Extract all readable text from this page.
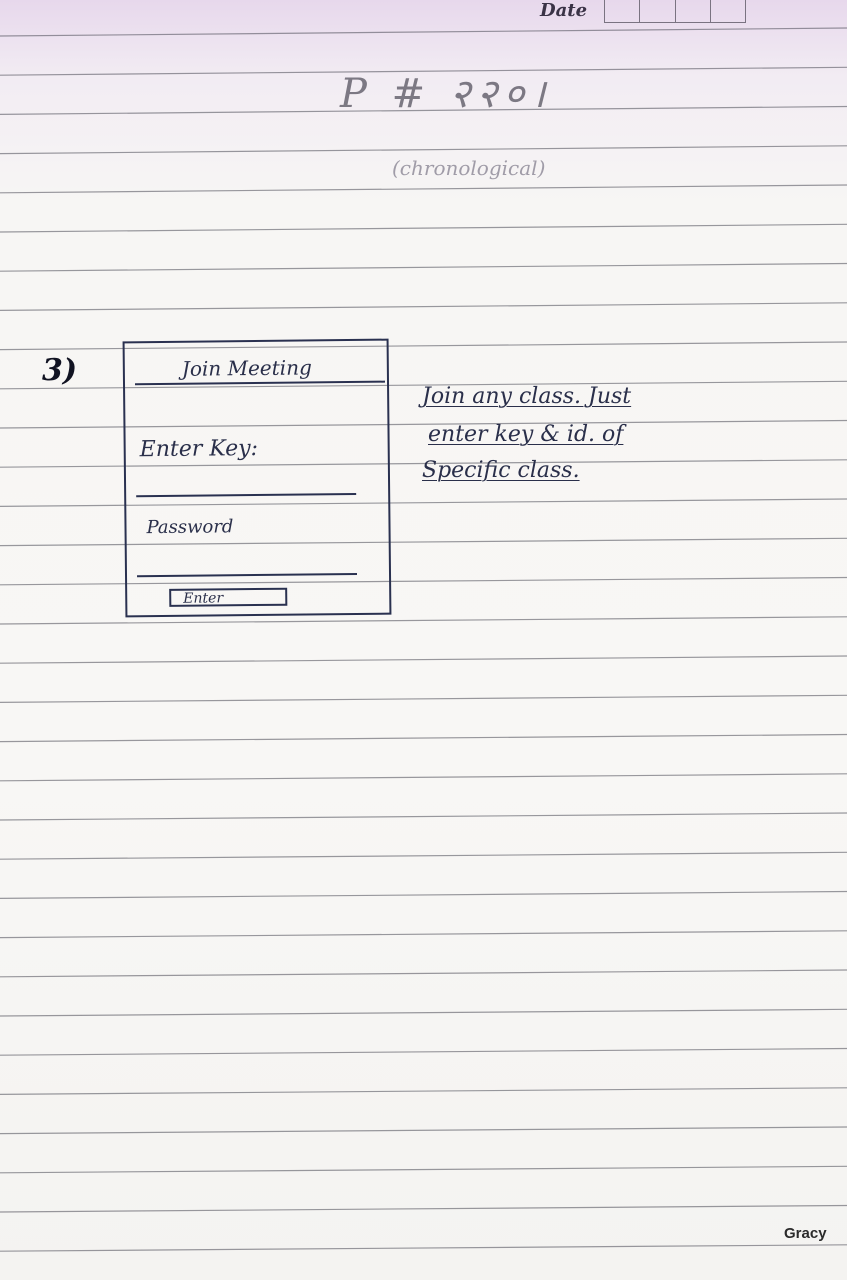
Date
P # २२०।
(chronological)
3)	Join Meeting
Enter Key:
Password
Enter
Join any class. Just
enter key & id. of
Specific class.
Gracy
